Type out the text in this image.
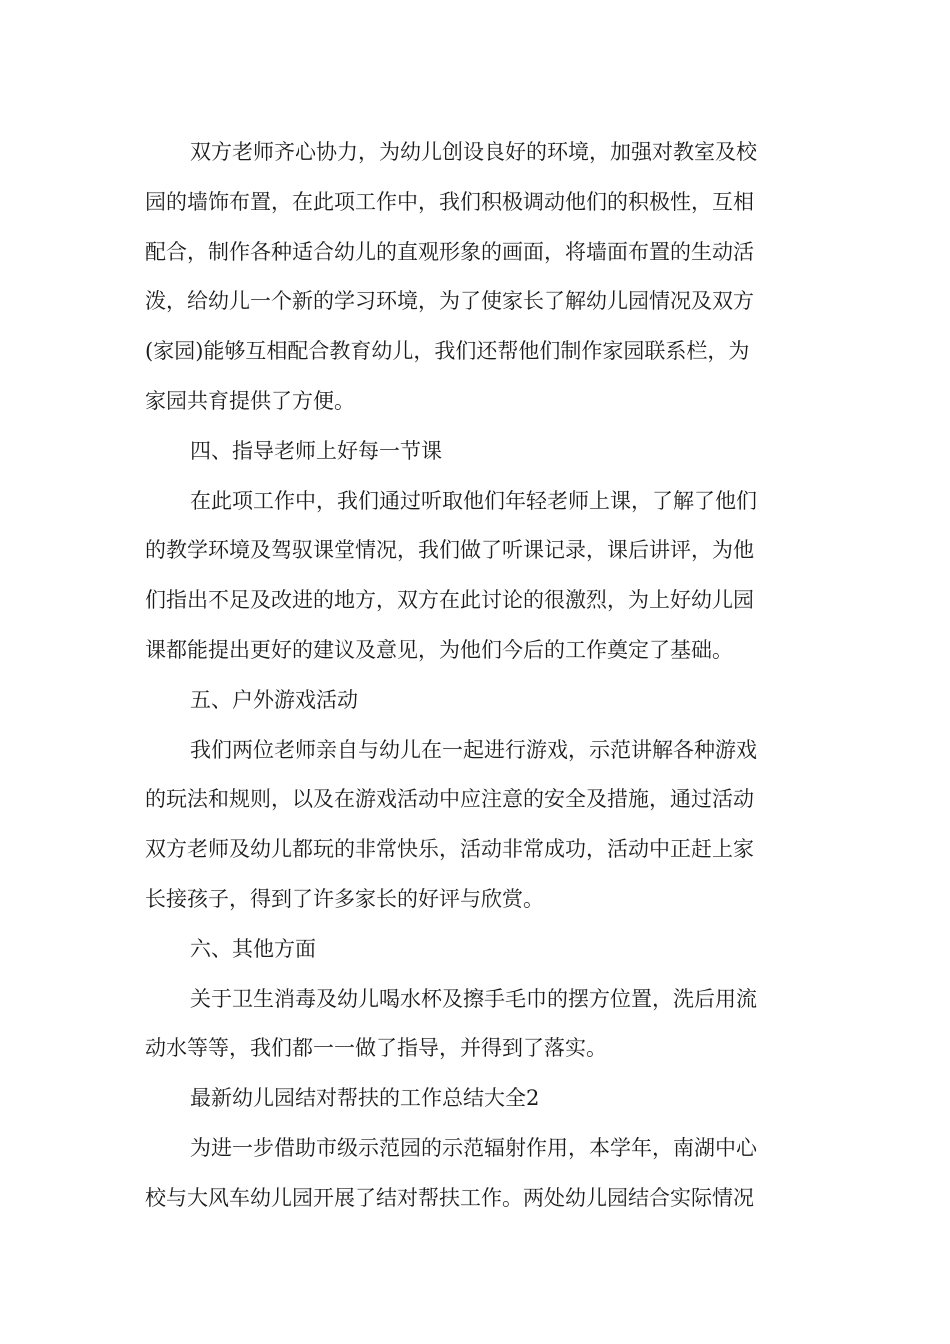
双方老师齐心协力，为幼儿创设良好的环境，加强对教室及校
园的墙饰布置，在此项工作中，我们积极调动他们的积极性，互相
配合，制作各种适合幼儿的直观形象的画面，将墙面布置的生动活
泼，给幼儿一个新的学习环境，为了使家长了解幼儿园情况及双方
(家园)能够互相配合教育幼儿，我们还帮他们制作家园联系栏，为
家园共育提供了方便。
四、指导老师上好每一节课
在此项工作中，我们通过听取他们年轻老师上课，了解了他们
的教学环境及驾驭课堂情况，我们做了听课记录，课后讲评，为他
们指出不足及改进的地方，双方在此讨论的很激烈，为上好幼儿园
课都能提出更好的建议及意见，为他们今后的工作奠定了基础。
五、户外游戏活动
我们两位老师亲自与幼儿在一起进行游戏，示范讲解各种游戏
的玩法和规则，以及在游戏活动中应注意的安全及措施，通过活动
双方老师及幼儿都玩的非常快乐，活动非常成功，活动中正赶上家
长接孩子，得到了许多家长的好评与欣赏。
六、其他方面
关于卫生消毒及幼儿喝水杯及擦手毛巾的摆方位置，洗后用流
动水等等，我们都一一做了指导，并得到了落实。
最新幼儿园结对帮扶的工作总结大全2
为进一步借助市级示范园的示范辐射作用，本学年，南湖中心
校与大风车幼儿园开展了结对帮扶工作。两处幼儿园结合实际情况
